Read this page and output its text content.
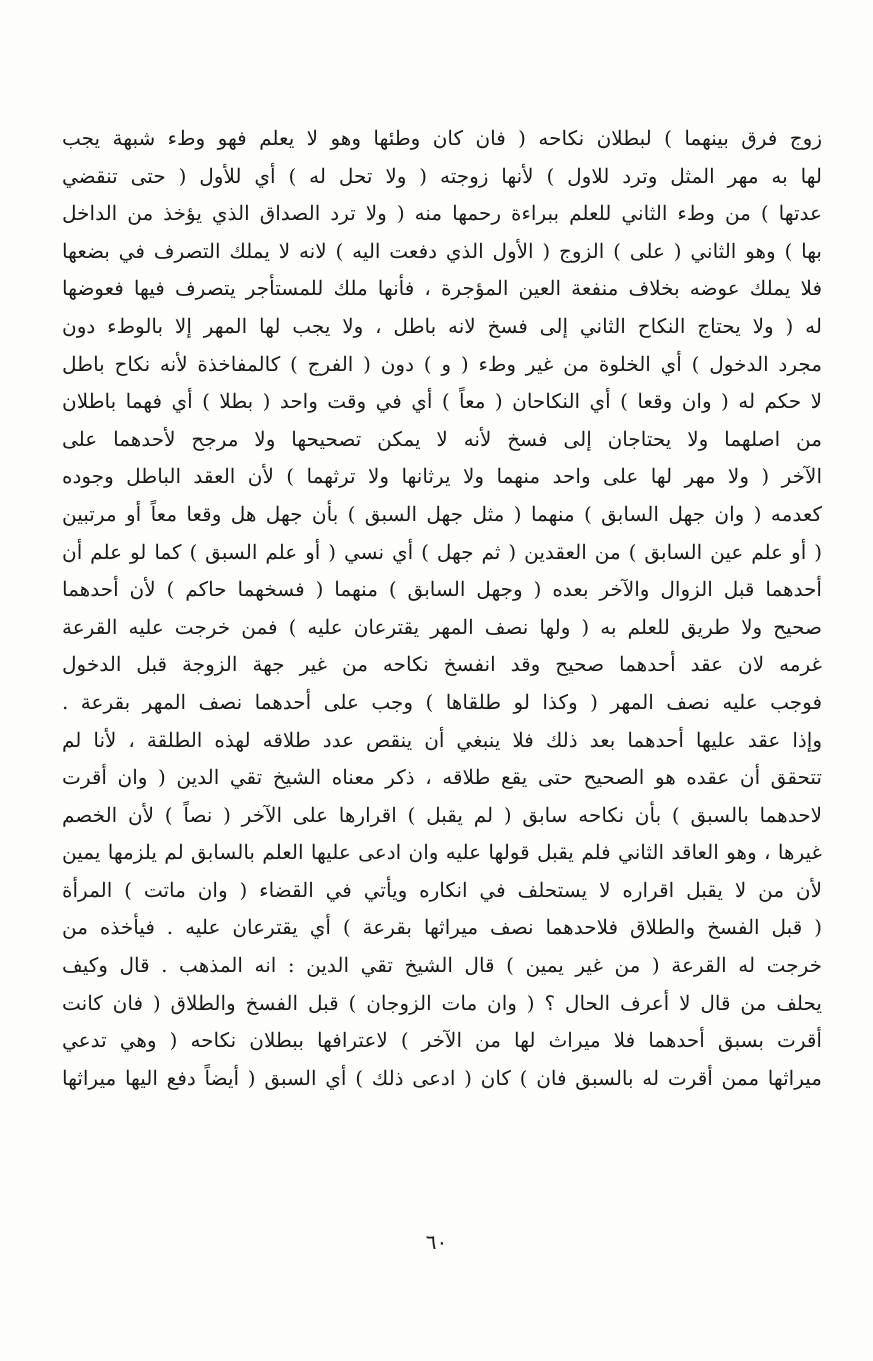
زوج فرق بينهما ) لبطلان نكاحه ( فان كان وطئها وهو لا يعلم فهو وطء شبهة يجب
لها به مهر المثل وترد للاول ) لأنها زوجته ( ولا تحل له ) أي للأول ( حتى تنقضي
عدتها ) من وطء الثاني للعلم ببراءة رحمها منه ( ولا ترد الصداق الذي يؤخذ من الداخل
بها ) وهو الثاني ( على ) الزوج ( الأول الذي دفعت اليه ) لانه لا يملك التصرف في بضعها
فلا يملك عوضه بخلاف منفعة العين المؤجرة ، فأنها ملك للمستأجر يتصرف فيها فعوضها
له ( ولا يحتاج النكاح الثاني إلى فسخ لانه باطل ، ولا يجب لها المهر إلا بالوطء دون
مجرد الدخول ) أي الخلوة من غير وطء ( و ) دون ( الفرج ) كالمفاخذة لأنه نكاح باطل
لا حكم له ( وان وقعا ) أي النكاحان ( معاً ) أي في وقت واحد ( بطلا ) أي فهما باطلان
من اصلهما ولا يحتاجان إلى فسخ لأنه لا يمكن تصحيحها ولا مرجح لأحدهما على
الآخر ( ولا مهر لها على واحد منهما ولا يرثانها ولا ترثهما ) لأن العقد الباطل وجوده
كعدمه ( وان جهل السابق ) منهما ( مثل جهل السبق ) بأن جهل هل وقعا معاً أو مرتبين
( أو علم عين السابق ) من العقدين ( ثم جهل ) أي نسي ( أو علم السبق ) كما لو علم أن
أحدهما قبل الزوال والآخر بعده ( وجهل السابق ) منهما ( فسخهما حاكم ) لأن أحدهما
صحيح ولا طريق للعلم به ( ولها نصف المهر يقترعان عليه ) فمن خرجت عليه القرعة
غرمه لان عقد أحدهما صحيح وقد انفسخ نكاحه من غير جهة الزوجة قبل الدخول
فوجب عليه نصف المهر ( وكذا لو طلقاها ) وجب على أحدهما نصف المهر بقرعة .
وإذا عقد عليها أحدهما بعد ذلك فلا ينبغي أن ينقص عدد طلاقه لهذه الطلقة ، لأنا لم
تتحقق أن عقده هو الصحيح حتى يقع طلاقه ، ذكر معناه الشيخ تقي الدين ( وان أقرت
لاحدهما بالسبق ) بأن نكاحه سابق ( لم يقبل ) اقرارها على الآخر ( نصاً ) لأن الخصم
غيرها ، وهو العاقد الثاني فلم يقبل قولها عليه وان ادعى عليها العلم بالسابق لم يلزمها يمين
لأن من لا يقبل اقراره لا يستحلف في انكاره ويأتي في القضاء ( وان ماتت ) المرأة
( قبل الفسخ والطلاق فلاحدهما نصف ميراثها بقرعة ) أي يقترعان عليه . فيأخذه من
خرجت له القرعة ( من غير يمين ) قال الشيخ تقي الدين : انه المذهب . قال وكيف
يحلف من قال لا أعرف الحال ؟ ( وان مات الزوجان ) قبل الفسخ والطلاق ( فان كانت
أقرت بسبق أحدهما فلا ميراث لها من الآخر ) لاعترافها ببطلان نكاحه ( وهي تدعي
ميراثها ممن أقرت له بالسبق فان ) كان ( ادعى ذلك ) أي السبق ( أيضاً دفع اليها ميراثها
٦٠
